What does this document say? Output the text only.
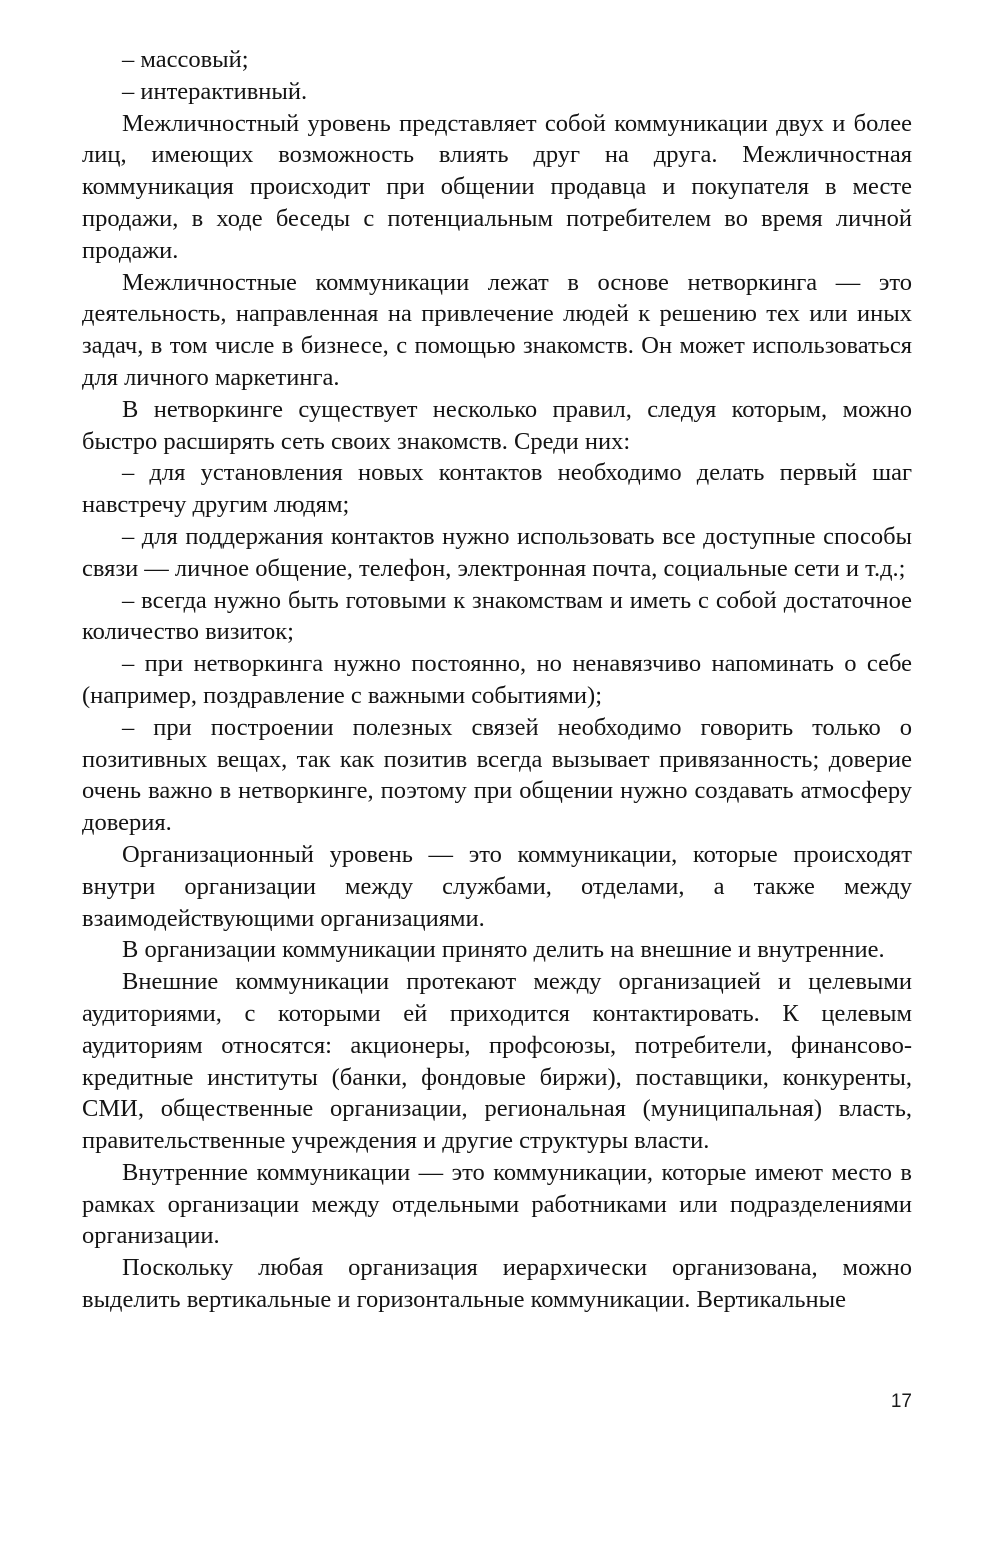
– массовый;

– интерактивный.

Межличностный уровень представляет собой коммуникации двух и более лиц, имеющих возможность влиять друг на друга. Межличностная коммуникация происходит при общении продавца и покупателя в месте продажи, в ходе беседы с потенциальным потребителем во время личной продажи.

Межличностные коммуникации лежат в основе нетворкинга — это деятельность, направленная на привлечение людей к решению тех или иных задач, в том числе в бизнесе, с помощью знакомств. Он может использоваться для личного маркетинга.

В нетворкинге существует несколько правил, следуя которым, можно быстро расширять сеть своих знакомств. Среди них:

– для установления новых контактов необходимо делать первый шаг навстречу другим людям;

– для поддержания контактов нужно использовать все доступные способы связи — личное общение, телефон, электронная почта, социальные сети и т.д.;

– всегда нужно быть готовыми к знакомствам и иметь с собой достаточное количество визиток;

– при нетворкинга нужно постоянно, но ненавязчиво напоминать о себе (например, поздравление с важными событиями);

– при построении полезных связей необходимо говорить только о позитивных вещах, так как позитив всегда вызывает привязанность; доверие очень важно в нетворкинге, поэтому при общении нужно создавать атмосферу доверия.

Организационный уровень — это коммуникации, которые происходят внутри организации между службами, отделами, а также между взаимодействующими организациями.

В организации коммуникации принято делить на внешние и внутренние.

Внешние коммуникации протекают между организацией и целевыми аудиториями, с которыми ей приходится контактировать. К целевым аудиториям относятся: акционеры, профсоюзы, потребители, финансово-кредитные институты (банки, фондовые биржи), поставщики, конкуренты, СМИ, общественные организации, региональная (муниципальная) власть, правительственные учреждения и другие структуры власти.

Внутренние коммуникации — это коммуникации, которые имеют место в рамках организации между отдельными работниками или подразделениями организации.

Поскольку любая организация иерархически организована, можно выделить вертикальные и горизонтальные коммуникации. Вертикальные

17
